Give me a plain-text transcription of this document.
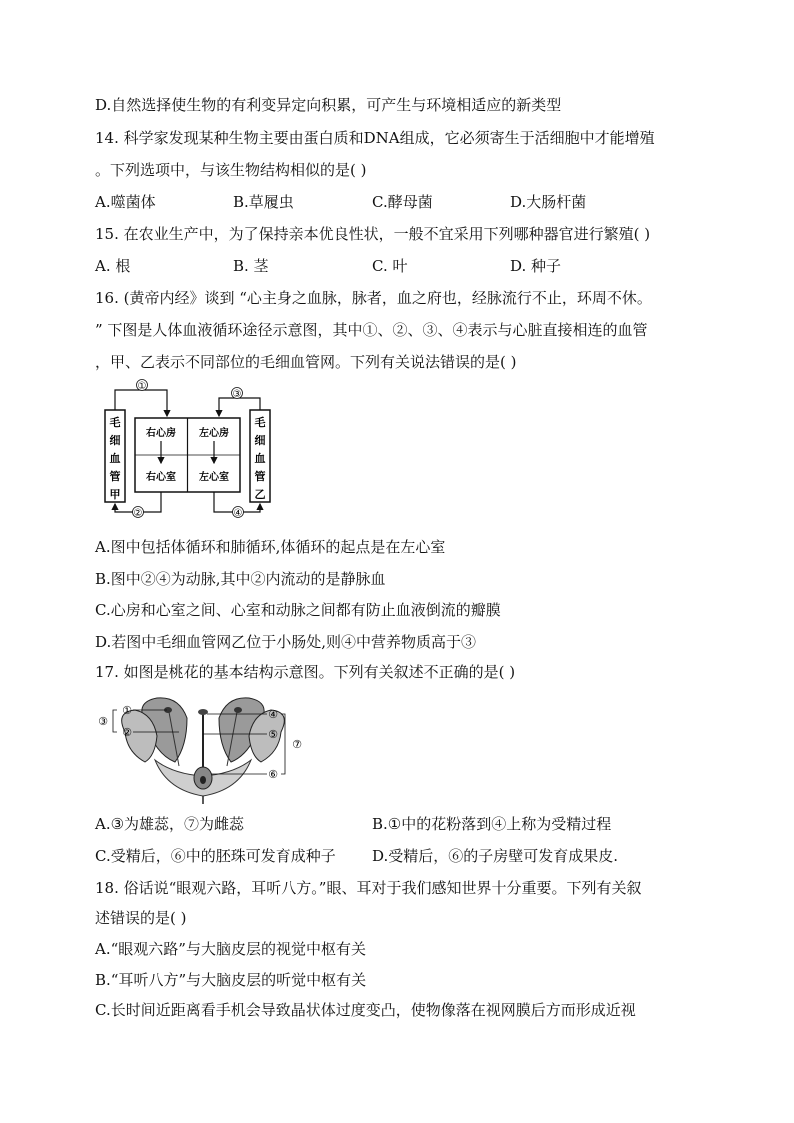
D.自然选择使生物的有利变异定向积累，可产生与环境相适应的新类型
14. 科学家发现某种生物主要由蛋白质和DNA组成，它必须寄生于活细胞中才能增殖
。下列选项中，与该生物结构相似的是( )
A.噬菌体	B.草履虫	C.酵母菌	D.大肠杆菌
15. 在农业生产中，为了保持亲本优良性状，一般不宜采用下列哪种器官进行繁殖( )
A. 根	B. 茎	C. 叶	D. 种子
16. (黄帝内经》谈到 “心主身之血脉，脉者，血之府也，经脉流行不止，环周不休。
” 下图是人体血液循环途径示意图，其中①、②、③、④表示与心脏直接相连的血管
，甲、乙表示不同部位的毛细血管网。下列有关说法错误的是( )
毛
细
血
管
甲
毛
细
血
管
乙
右心房 左心房
右心室 左心室
①
③
②	④
A.图中包括体循环和肺循环,体循环的起点是在左心室
B.图中②④为动脉,其中②内流动的是静脉血
C.心房和心室之间、心室和动脉之间都有防止血液倒流的瓣膜
D.若图中毛细血管网乙位于小肠处,则④中营养物质高于③
17. 如图是桃花的基本结构示意图。下列有关叙述不正确的是( )
①
②
③
④
⑤
⑥
⑦
A.③为雄蕊，⑦为雌蕊	B.①中的花粉落到④上称为受精过程
C.受精后，⑥中的胚珠可发育成种子 D.受精后，⑥的子房壁可发育成果皮.
18. 俗话说“眼观六路，耳听八方。”眼、耳对于我们感知世界十分重要。下列有关叙
述错误的是( )
A.“眼观六路”与大脑皮层的视觉中枢有关
B.“耳听八方”与大脑皮层的听觉中枢有关
C.长时间近距离看手机会导致晶状体过度变凸，使物像落在视网膜后方而形成近视
